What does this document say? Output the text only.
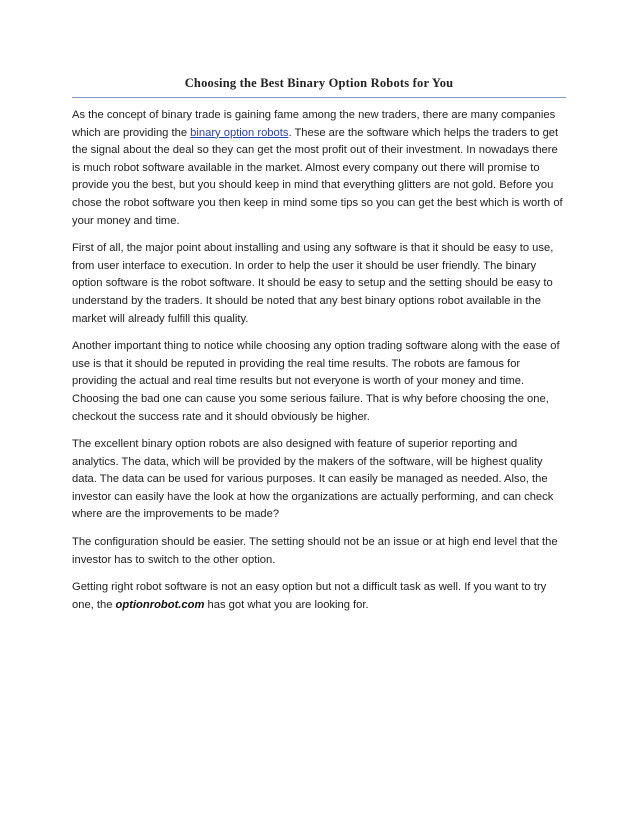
Choosing the Best Binary Option Robots for You

As the concept of binary trade is gaining fame among the new traders, there are many companies which are providing the binary option robots. These are the software which helps the traders to get the signal about the deal so they can get the most profit out of their investment. In nowadays there is much robot software available in the market. Almost every company out there will promise to provide you the best, but you should keep in mind that everything glitters are not gold. Before you chose the robot software you then keep in mind some tips so you can get the best which is worth of your money and time.

First of all, the major point about installing and using any software is that it should be easy to use, from user interface to execution. In order to help the user it should be user friendly. The binary option software is the robot software. It should be easy to setup and the setting should be easy to understand by the traders. It should be noted that any best binary options robot available in the market will already fulfill this quality.

Another important thing to notice while choosing any option trading software along with the ease of use is that it should be reputed in providing the real time results. The robots are famous for providing the actual and real time results but not everyone is worth of your money and time. Choosing the bad one can cause you some serious failure. That is why before choosing the one, checkout the success rate and it should obviously be higher.

The excellent binary option robots are also designed with feature of superior reporting and analytics. The data, which will be provided by the makers of the software, will be highest quality data. The data can be used for various purposes. It can easily be managed as needed. Also, the investor can easily have the look at how the organizations are actually performing, and can check where are the improvements to be made?

The configuration should be easier. The setting should not be an issue or at high end level that the investor has to switch to the other option.

Getting right robot software is not an easy option but not a difficult task as well. If you want to try one, the optionrobot.com has got what you are looking for.
